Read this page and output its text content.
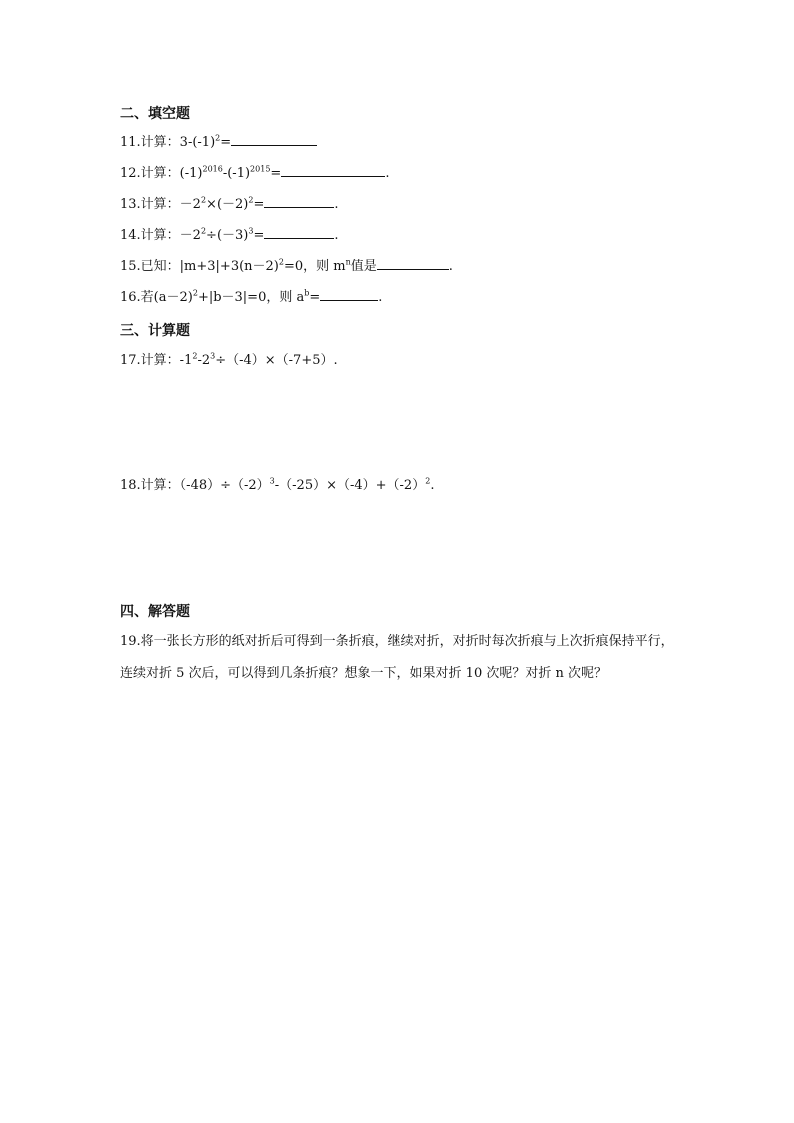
二、填空题
11.计算：$3-(-1)^2=$
12.计算：$(-1)^{2016}-(-1)^{2015}=$	.
13.计算：$-2^2\times(-2)^2=$	.
14.计算：$-2^2\div(-3)^3=$	.
15.已知：$|m+3|+3(n-2)^2=0$，则 $m^n$值是	.
16.若$(a-2)^2+|b-3|=0$，则 $a^b=$	.
三、计算题
17.计算：$-1^2-2^3\div(-4)\times(-7+5)$.
18.计算：$(-48)\div(-2)^3-(-25)\times(-4)+(-2)^2$.
四、解答题
19.将一张长方形的纸对折后可得到一条折痕，继续对折，对折时每次折痕与上次折痕保持平行，
连续对折 5 次后，可以得到几条折痕？想象一下，如果对折 10 次呢？对折 n 次呢？
